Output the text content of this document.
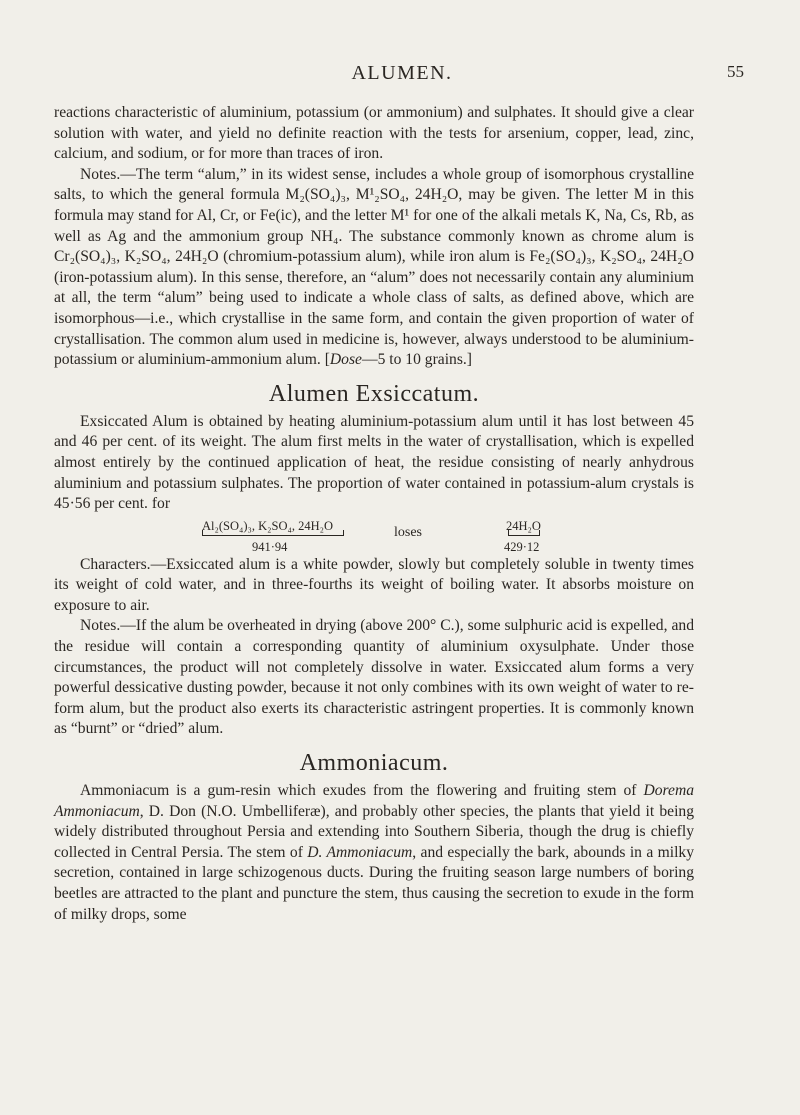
ALUMEN.	55

reactions characteristic of aluminium, potassium (or ammonium) and sulphates. It should give a clear solution with water, and yield no definite reaction with the tests for arsenium, copper, lead, zinc, calcium, and sodium, or for more than traces of iron.

Notes.—The term “alum,” in its widest sense, includes a whole group of isomorphous crystalline salts, to which the general formula M₂(SO₄)₃, M¹₂SO₄, 24H₂O, may be given. The letter M in this formula may stand for Al, Cr, or Fe(ic), and the letter M¹ for one of the alkali metals K, Na, Cs, Rb, as well as Ag and the ammonium group NH₄. The substance commonly known as chrome alum is Cr₂(SO₄)₃, K₂SO₄, 24H₂O (chromium-potassium alum), while iron alum is Fe₂(SO₄)₃, K₂SO₄, 24H₂O (iron-potassium alum). In this sense, therefore, an “alum” does not necessarily contain any aluminium at all, the term “alum” being used to indicate a whole class of salts, as defined above, which are isomorphous—i.e., which crystallise in the same form, and contain the given proportion of water of crystallisation. The common alum used in medicine is, however, always understood to be aluminium-potassium or aluminium-ammonium alum. [Dose—5 to 10 grains.]

Alumen Exsiccatum.

Exsiccated Alum is obtained by heating aluminium-potassium alum until it has lost between 45 and 46 per cent. of its weight. The alum first melts in the water of crystallisation, which is expelled almost entirely by the continued application of heat, the residue consisting of nearly anhydrous aluminium and potassium sulphates. The proportion of water contained in potassium-alum crystals is 45·56 per cent. for

Al₂(SO₄)₃, K₂SO₄, 24H₂O	loses	24H₂O
941·94	429·12

Characters.—Exsiccated alum is a white powder, slowly but completely soluble in twenty times its weight of cold water, and in three-fourths its weight of boiling water. It absorbs moisture on exposure to air.

Notes.—If the alum be overheated in drying (above 200° C.), some sulphuric acid is expelled, and the residue will contain a corresponding quantity of aluminium oxysulphate. Under those circumstances, the product will not completely dissolve in water. Exsiccated alum forms a very powerful dessicative dusting powder, because it not only combines with its own weight of water to re-form alum, but the product also exerts its characteristic astringent properties. It is commonly known as “burnt” or “dried” alum.

Ammoniacum.

Ammoniacum is a gum-resin which exudes from the flowering and fruiting stem of Dorema Ammoniacum, D. Don (N.O. Umbelliferæ), and probably other species, the plants that yield it being widely distributed throughout Persia and extending into Southern Siberia, though the drug is chiefly collected in Central Persia. The stem of D. Ammoniacum, and especially the bark, abounds in a milky secretion, contained in large schizogenous ducts. During the fruiting season large numbers of boring beetles are attracted to the plant and puncture the stem, thus causing the secretion to exude in the form of milky drops, some
